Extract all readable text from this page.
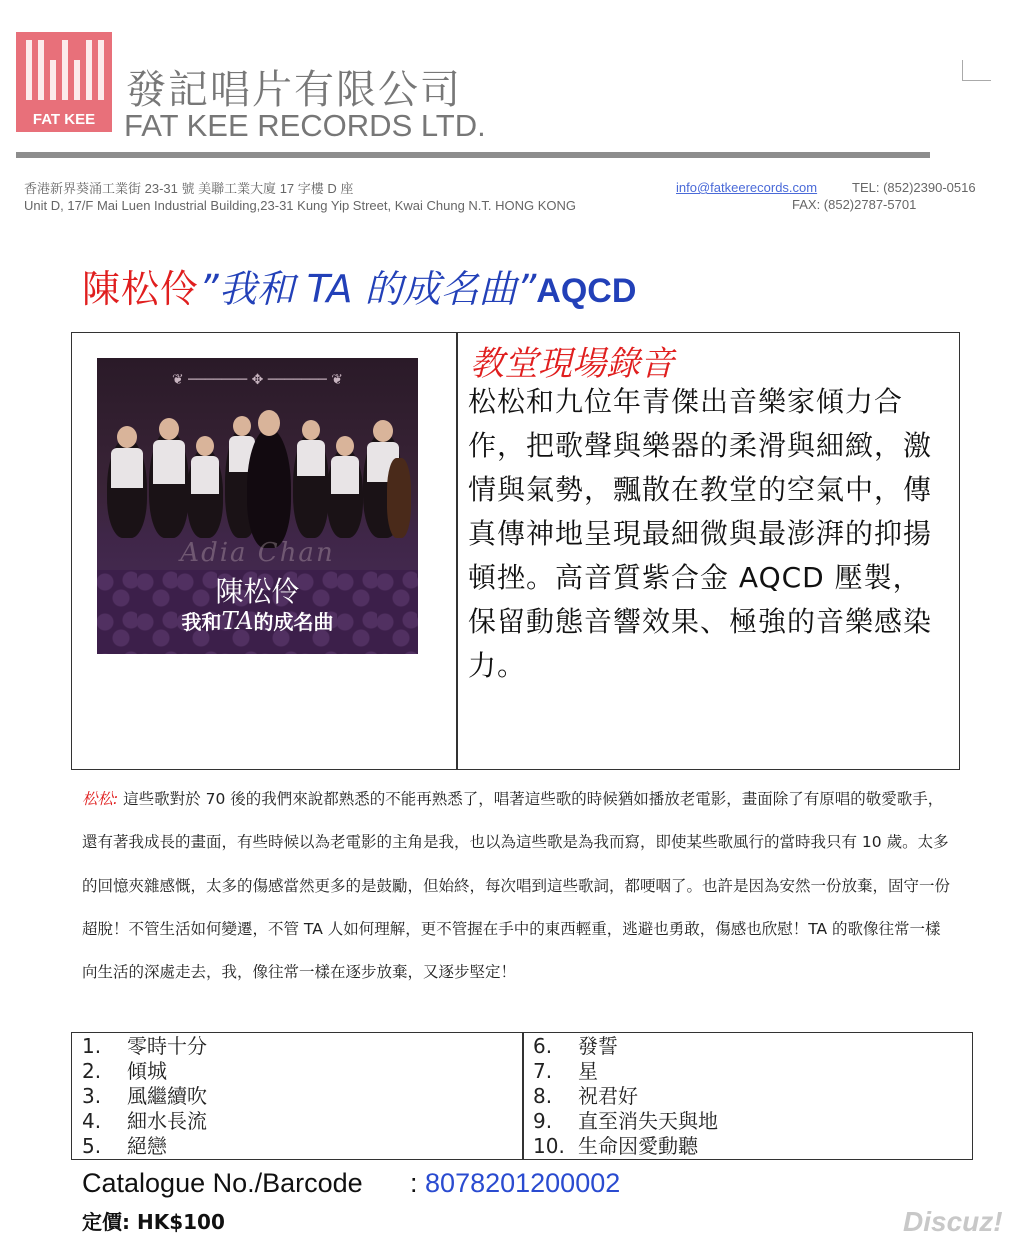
FAT KEE
發記唱片有限公司
FAT KEE RECORDS LTD.
香港新界葵涌工業街 23-31 號 美聯工業大廈 17 字樓 D 座
Unit D, 17/F Mai Luen Industrial Building,23-31 Kung Yip Street, Kwai Chung N.T. HONG KONG
info@fatkeerecords.com	TEL: (852)2390-0516
FAX: (852)2787-5701
陳松伶”我和 TA 的成名曲”AQCD
❦ ─────── ✥ ─────── ❦
Adia Chan
陳松伶
我和TA的成名曲
教堂現場錄音
松松和九位年青傑出音樂家傾力合作，把歌聲與樂器的柔滑與細緻，激情與氣勢，飄散在教堂的空氣中，傳真傳神地呈現最細微與最澎湃的抑揚頓挫。高音質紫合金 AQCD 壓製，保留動態音響效果、極強的音樂感染力。
松松: 這些歌對於 70 後的我們來說都熟悉的不能再熟悉了，唱著這些歌的時候猶如播放老電影，畫面除了有原唱的敬愛歌手，還有著我成長的畫面，有些時候以為老電影的主角是我，也以為這些歌是為我而寫，即使某些歌風行的當時我只有 10 歲。太多的回憶夾雜感慨，太多的傷感當然更多的是鼓勵，但始終，每次唱到這些歌詞，都哽咽了。也許是因為安然一份放棄，固守一份超脫！不管生活如何變遷，不管 TA 人如何理解，更不管握在手中的東西輕重，逃避也勇敢，傷感也欣慰！TA 的歌像往常一樣向生活的深處走去，我，像往常一樣在逐步放棄，又逐步堅定！
1.	零時十分
2.	傾城
3.	風繼續吹
4.	細水長流
5.	絕戀
6.	發誓
7.	星
8.	祝君好
9.	直至消失天與地
10. 生命因愛動聽
Catalogue No./Barcode : 8078201200002
定價: HK$100	Discuz!
